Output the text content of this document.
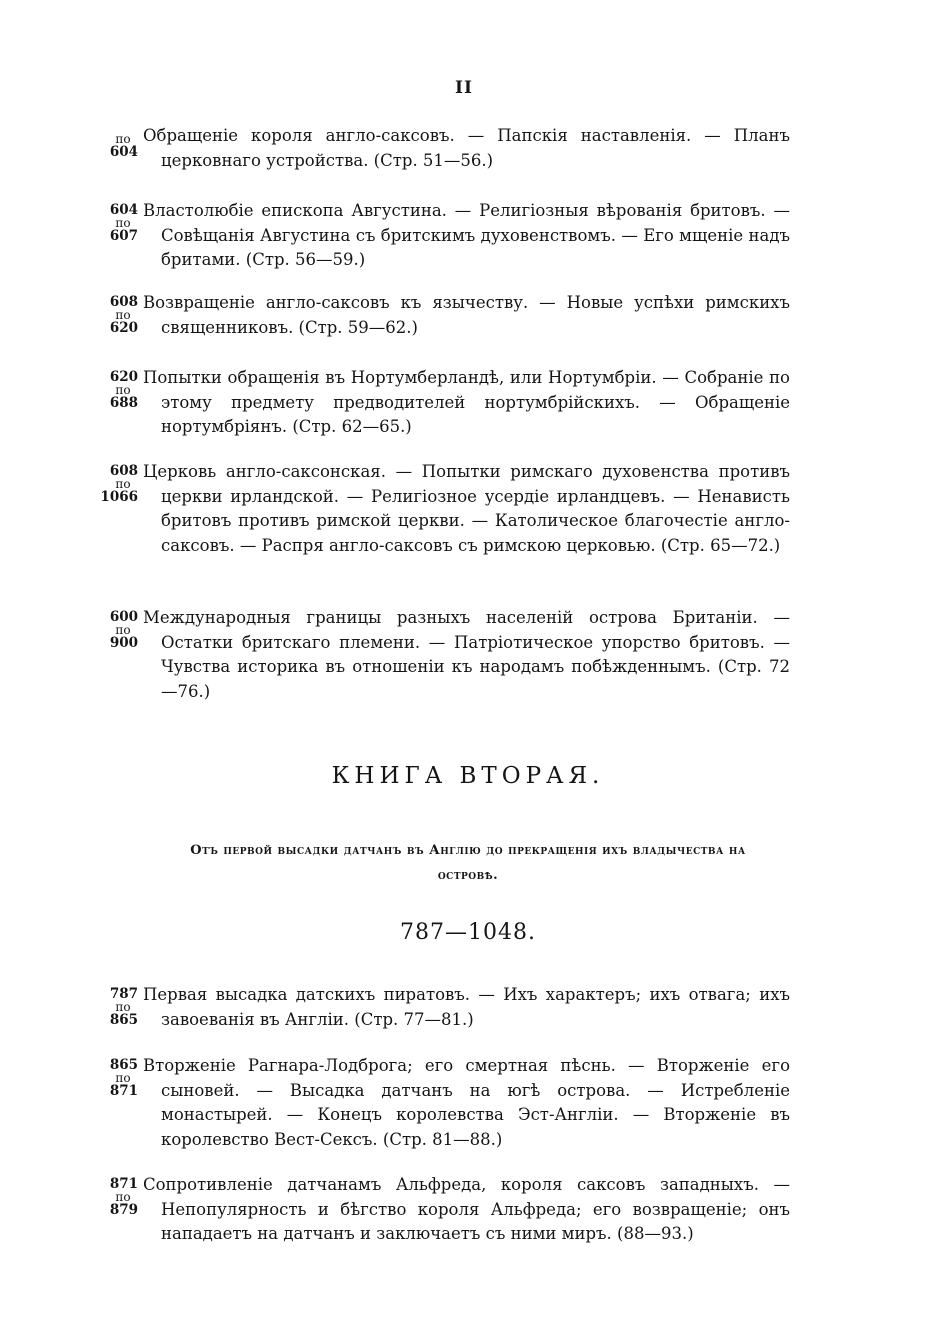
II
по
604
Обращеніе короля англо-саксовъ. — Папскія наставленія. — Планъ церковнаго устройства. (Стр. 51—56.)
604
по
607
Властолюбіе епископа Августина. — Религіозныя вѣрованія бритовъ. — Совѣщанія Августина съ бритскимъ духовенствомъ. — Его мщеніе надъ бритами. (Стр. 56—59.)
608
по
620
Возвращеніе англо-саксовъ къ язычеству. — Новые успѣхи римскихъ священниковъ. (Стр. 59—62.)
620
по
688
Попытки обращенія въ Нортумберландѣ, или Нортумбріи. — Собраніе по этому предмету предводителей нортумбрійскихъ. — Обращеніе нортумбріянъ. (Стр. 62—65.)
608
по
1066
Церковь англо-саксонская. — Попытки римскаго духовенства противъ церкви ирландской. — Религіозное усердіе ирландцевъ. — Ненависть бритовъ противъ римской церкви. — Католическое благочестіе англо-саксовъ. — Распря англо-саксовъ съ римскою церковью. (Стр. 65—72.)
600
по
900
Международныя границы разныхъ населеній острова Британіи. — Остатки бритскаго племени. — Патріотическое упорство бритовъ. — Чувства историка въ отношеніи къ народамъ побѣжденнымъ. (Стр. 72—76.)
КНИГА ВТОРАЯ.
Отъ первой высадки датчанъ въ Англію до прекращенія ихъ владычества на островѣ.
787—1048.
787
по
865
Первая высадка датскихъ пиратовъ. — Ихъ характеръ; ихъ отвага; ихъ завоеванія въ Англіи. (Стр. 77—81.)
865
по
871
Вторженіе Рагнара-Лодброга; его смертная пѣснь. — Вторженіе его сыновей. — Высадка датчанъ на югѣ острова. — Истребленіе монастырей. — Конецъ королевства Эст-Англіи. — Вторженіе въ королевство Вест-Сексъ. (Стр. 81—88.)
871
по
879
Сопротивленіе датчанамъ Альфреда, короля саксовъ западныхъ. — Непопулярность и бѣгство короля Альфреда; его возвращеніе; онъ нападаетъ на датчанъ и заключаетъ съ ними миръ. (88—93.)
